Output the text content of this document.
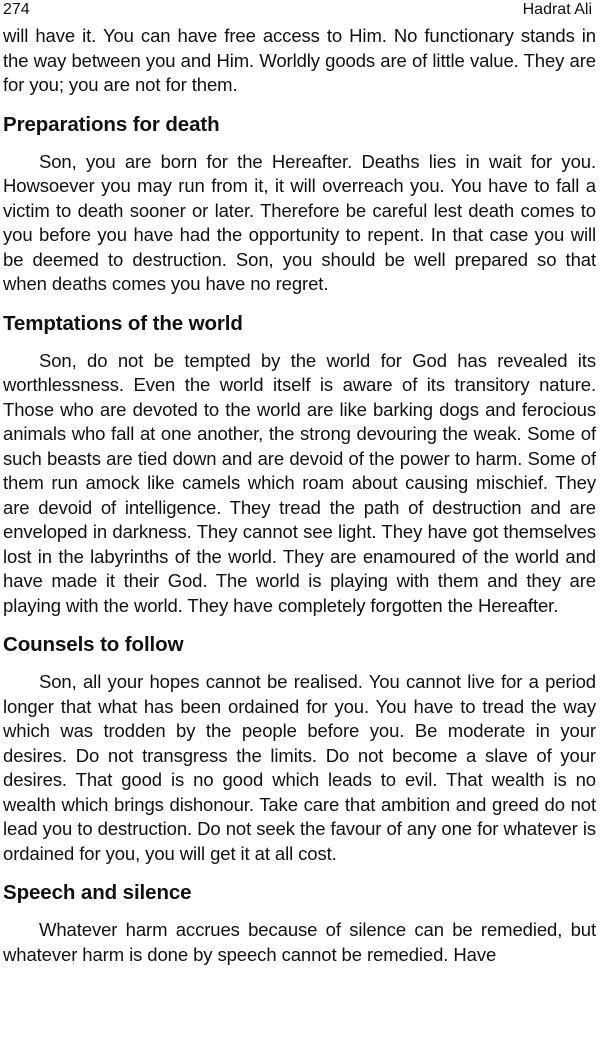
274	Hadrat Ali

will have it. You can have free access to Him. No functionary stands in the way between you and Him. Worldly goods are of little value. They are for you; you are not for them.

Preparations for death

Son, you are born for the Hereafter. Deaths lies in wait for you. Howsoever you may run from it, it will overreach you. You have to fall a victim to death sooner or later. Therefore be careful lest death comes to you before you have had the opportunity to repent. In that case you will be deemed to destruction. Son, you should be well prepared so that when deaths comes you have no regret.

Temptations of the world

Son, do not be tempted by the world for God has revealed its worthlessness. Even the world itself is aware of its transitory nature. Those who are devoted to the world are like barking dogs and ferocious animals who fall at one another, the strong devouring the weak. Some of such beasts are tied down and are devoid of the power to harm. Some of them run amock like camels which roam about causing mischief. They are devoid of intelligence. They tread the path of destruction and are enveloped in darkness. They cannot see light. They have got themselves lost in the labyrinths of the world. They are enamoured of the world and have made it their God. The world is playing with them and they are playing with the world. They have completely forgotten the Hereafter.

Counsels to follow

Son, all your hopes cannot be realised. You cannot live for a period longer that what has been ordained for you. You have to tread the way which was trodden by the people before you. Be moderate in your desires. Do not transgress the limits. Do not become a slave of your desires. That good is no good which leads to evil. That wealth is no wealth which brings dishonour. Take care that ambition and greed do not lead you to destruction. Do not seek the favour of any one for whatever is ordained for you, you will get it at all cost.

Speech and silence

Whatever harm accrues because of silence can be remedied, but whatever harm is done by speech cannot be remedied. Have
